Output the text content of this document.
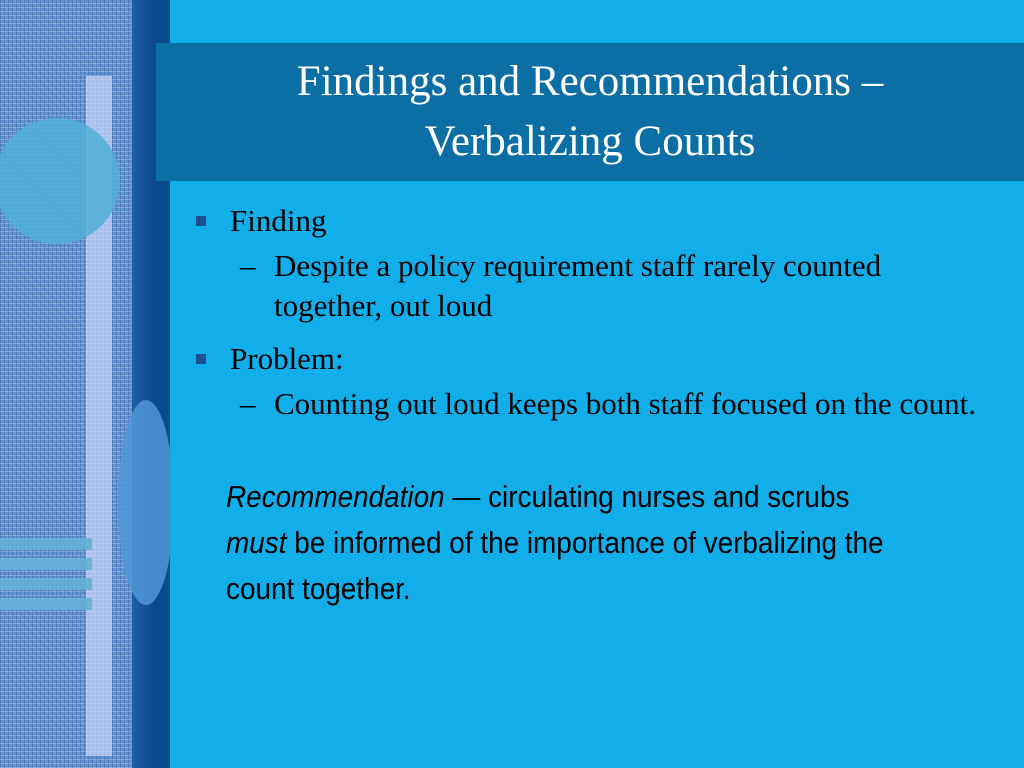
Findings and Recommendations –
Verbalizing Counts
Finding
– Despite a policy requirement staff rarely counted together, out loud
Problem:
– Counting out loud keeps both staff focused on the count.
Recommendation — circulating nurses and scrubs must be informed of the importance of verbalizing the count together.
